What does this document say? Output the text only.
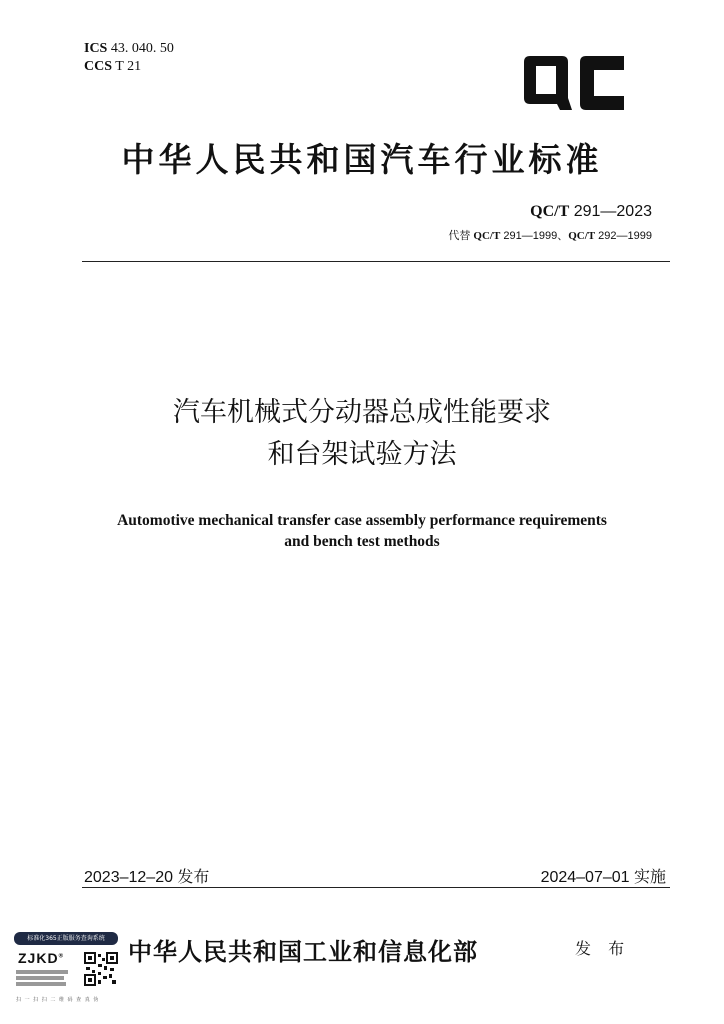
ICS 43. 040. 50
CCS T 21
中华人民共和国汽车行业标准
QC/T 291—2023
代替 QC/T 291—1999、QC/T 292—1999
汽车机械式分动器总成性能要求
和台架试验方法
Automotive mechanical transfer case assembly performance requirements
and bench test methods
2023–12–20 发布	2024–07–01 实施
标准化365正版服务查询系统
ZJKD®
扫 一 扫 扫 二 维 码 查 真 伪
中华人民共和国工业和信息化部	发 布
